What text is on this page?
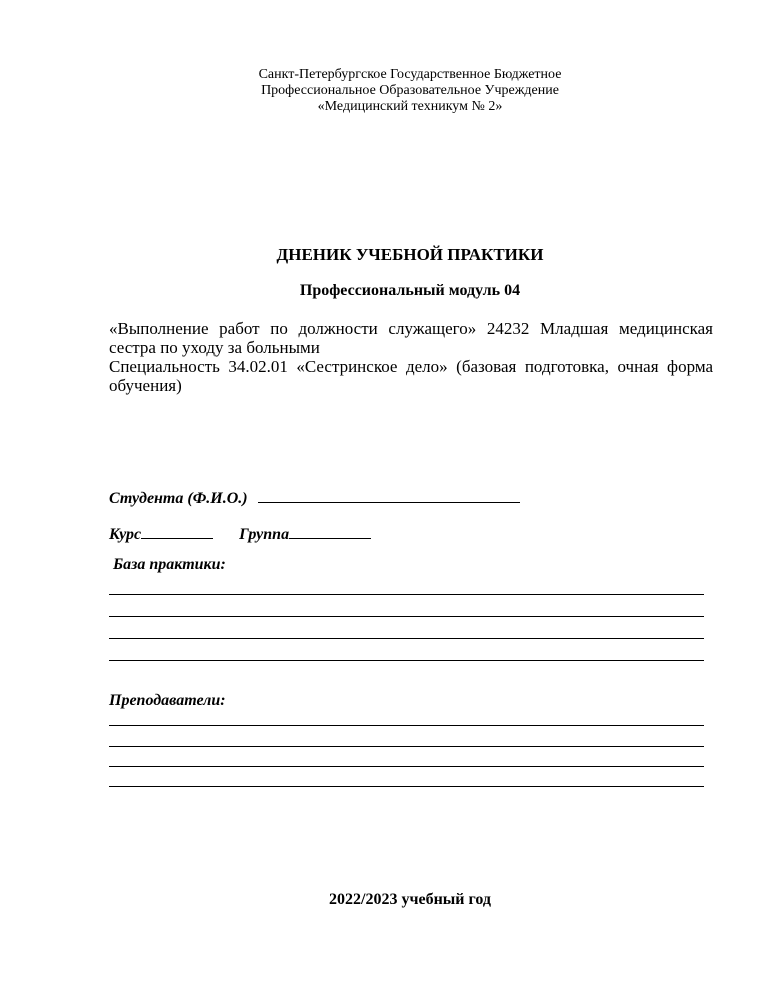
Санкт-Петербургское Государственное Бюджетное
Профессиональное Образовательное Учреждение
«Медицинский техникум № 2»
ДНЕНИК УЧЕБНОЙ ПРАКТИКИ
Профессиональный модуль 04

«Выполнение работ по должности служащего» 24232 Младшая медицинская сестра по уходу за больными

Специальность 34.02.01 «Сестринское дело» (базовая подготовка, очная форма обучения)

Студента (Ф.И.О.)
Курс	Группа
База практики:
Преподаватели:
2022/2023 учебный год
